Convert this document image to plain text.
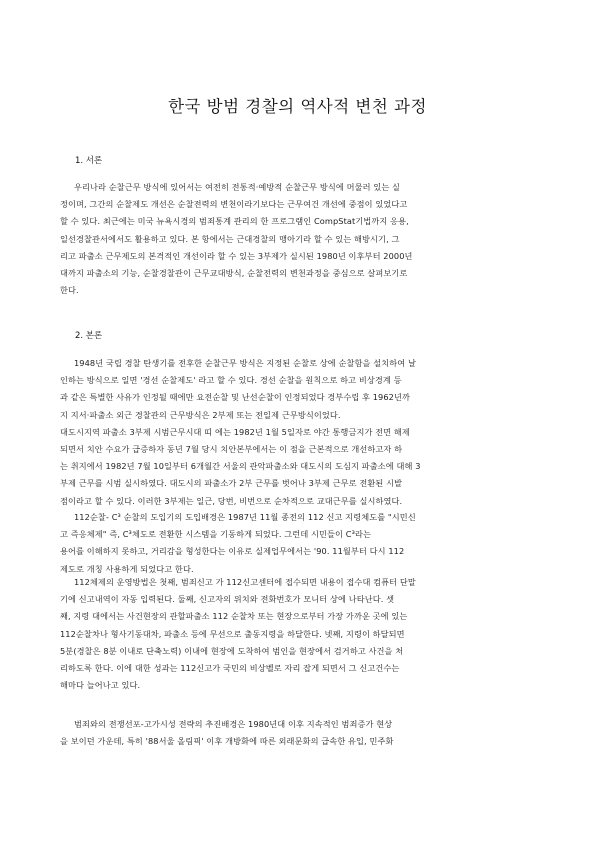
한국 방범 경찰의 역사적 변천 과정
1. 서론
우리나라 순찰근무 방식에 있어서는 여전히 전통적·예방적 순찰근무 방식에 머물러 있는 실
정이며, 그간의 순찰제도 개선은 순찰전력의 변천이라기보다는 근무여건 개선에 중점이 있었다고
할 수 있다. 최근에는 미국 뉴욕시경의 범죄통계 관리의 한 프로그램인 CompStat기법까지 응용,
일선경찰관서에서도 활용하고 있다. 본 항에서는 근대경찰의 맹아기라 할 수 있는 해방시기, 그
리고 파출소 근무제도의 본격적인 개선이라 할 수 있는 3부제가 실시된 1980년 이후부터 2000년
대까지 파출소의 기능, 순찰경찰관이 근무교대방식, 순찰전력의 변천과정을 중심으로 살펴보기로
한다.
2. 본론
1948년 국립 경찰 탄생기를 전후한 순찰근무 방식은 지정된 순찰로 상에 순찰함을 설치하여 날
인하는 방식으로 일면 '경선 순찰제도' 라고 할 수 있다. 경선 순찰을 원칙으로 하고 비상경계 등
과 같은 특별한 사유가 인정될 때에만 요전순찰 및 난선순찰이 인정되었다 경부수립 후 1962년까
지 지서·파출소 외근 경찰관의 근무방식은 2부제 또는 전일제 근무방식이었다.
대도시지역 파출소 3부제 시범근무시대 띠 에는 1982년 1월 5일자로 야간 통행금지가 전면 해제
되면서 치안 수요가 급증하자 동년 7월 당시 치안본부에서는 이 점을 근본적으로 개선하고자 하
는 취지에서 1982년 7월 10일부터 6개월간 서울의 관악파출소와 대도시의 도심지 파출소에 대해 3
부제 근무를 시범 실시하였다. 대도시의 파출소가 2부 근무를 벗어나 3부제 근무로 전환된 시발
점이라고 할 수 있다. 이러한 3부제는 일근, 당번, 비번으로 순차적으로 교대근무를 실시하였다.
112순찰- C³ 순찰의 도입기의 도입배경은 1987년 11월 종전의 112 신고 지령체도를 "시민신
고 즉응체제" 즉, C³체도로 전환한 시스템을 기동하게 되었다. 그런데 시민들이 C³라는
용어를 이해하지 못하고, 거리감을 형성한다는 이유로 실제업무에서는 '90. 11월부터 다시 112
제도로 개칭 사용하게 되었다고 한다.
112체제의 운영방법은 첫째, 범죄신고 가 112신고센터에 접수되면 내용이 접수대 컴퓨터 단말
기에 신고내역이 자동 입력된다. 둘째, 신고자의 위치와 전화번호가 모니터 상에 나타난다. 셋
째, 지령 대에서는 사건현장의 관할파출소 112 순찰차 또는 현장으로부터 가장 가까운 곳에 있는
112순찰차나 형사기동대차, 파출소 등에 무선으로 출동지령을 하달한다. 넷째, 지령이 하달되면
5분(경찰은 8분 이내로 단축노력) 이내에 현장에 도착하여 범인을 현장에서 검거하고 사건을 처
리하도록 한다. 이에 대한 성과는 112신고가 국민의 비상벨로 자리 잡게 되면서 그 신고건수는
해마다 늘어나고 있다.
범죄와의 전쟁선포-고가시성 전략의 추진배경은 1980년대 이후 지속적인 범죄증가 현상
을 보이던 가운데, 특히 '88서울 올림픽' 이후 개방화에 따른 외래문화의 급속한 유입, 민주화
